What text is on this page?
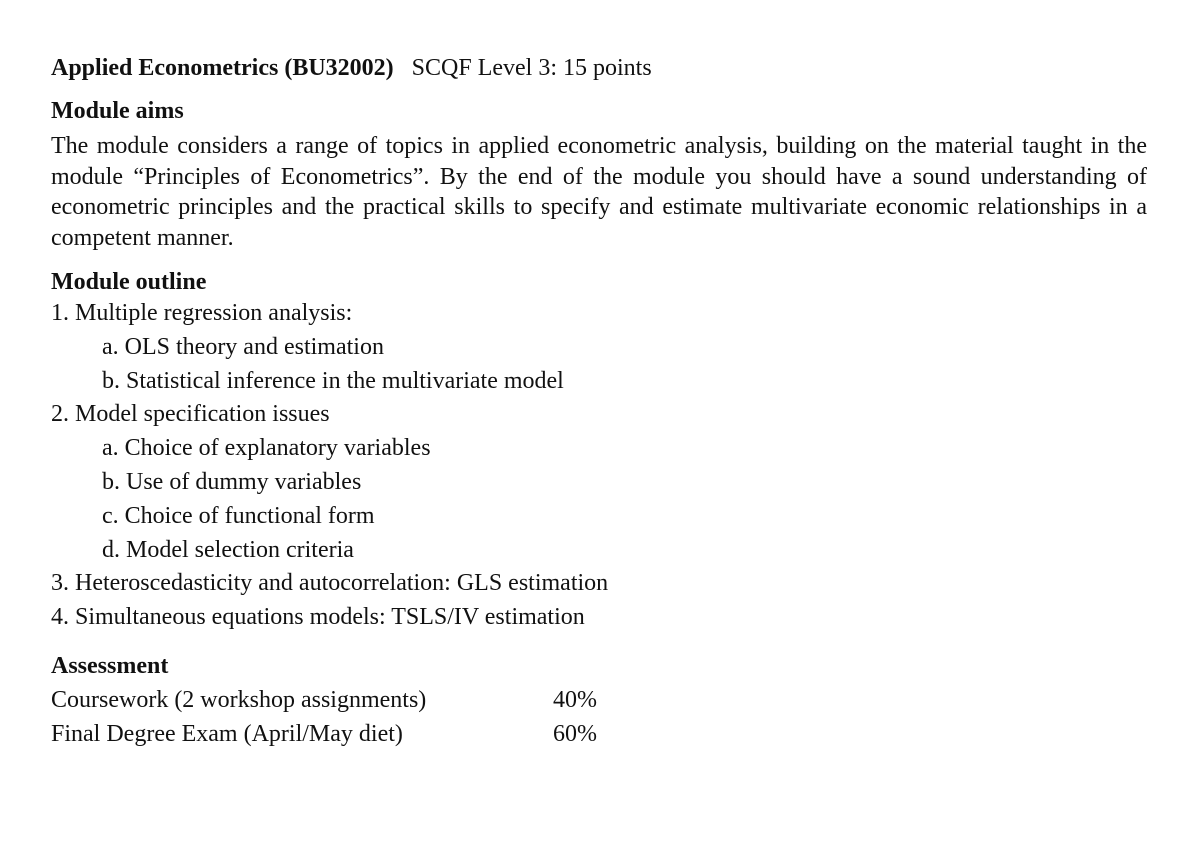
Applied Econometrics (BU32002) SCQF Level 3: 15 points

Module aims

The module considers a range of topics in applied econometric analysis, building on the material taught in the module “Principles of Econometrics”. By the end of the module you should have a sound understanding of econometric principles and the practical skills to specify and estimate multivariate economic relationships in a competent manner.

Module outline
1. Multiple regression analysis:
a. OLS theory and estimation
b. Statistical inference in the multivariate model
2. Model specification issues
a. Choice of explanatory variables
b. Use of dummy variables
c. Choice of functional form
d. Model selection criteria
3. Heteroscedasticity and autocorrelation: GLS estimation
4. Simultaneous equations models: TSLS/IV estimation
Assessment
Coursework (2 workshop assignments)	40%
Final Degree Exam (April/May diet)	60%
